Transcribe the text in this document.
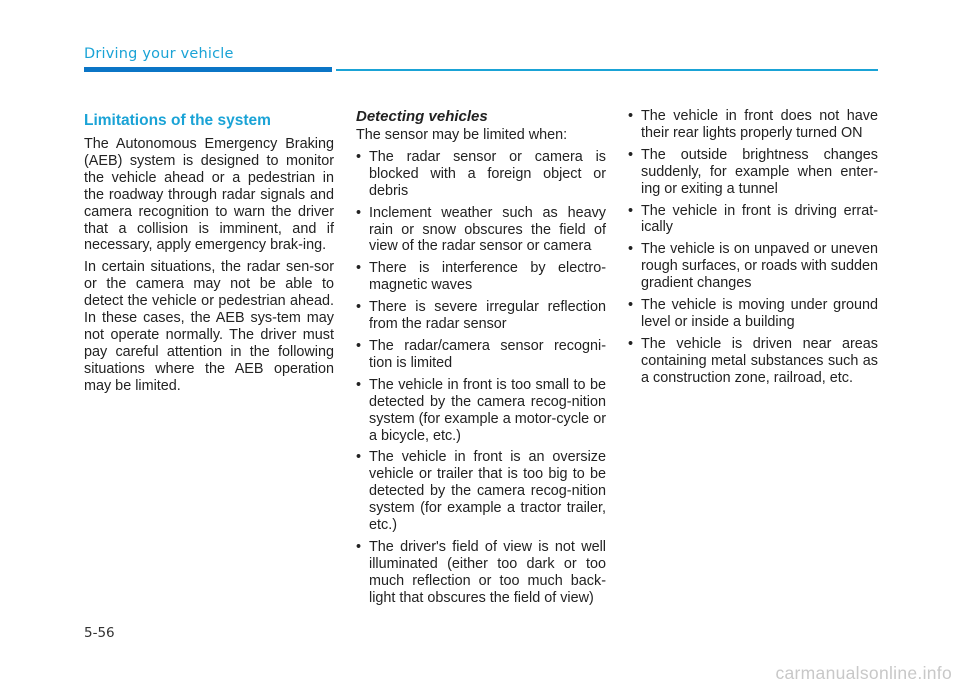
Driving your vehicle
Limitations of the system

The Autonomous Emergency Braking (AEB) system is designed to monitor the vehicle ahead or a pedestrian in the roadway through radar signals and camera recognition to warn the driver that a collision is imminent, and if necessary, apply emergency brak-ing.

In certain situations, the radar sen-sor or the camera may not be able to detect the vehicle or pedestrian ahead. In these cases, the AEB sys-tem may not operate normally. The driver must pay careful attention in the following situations where the AEB operation may be limited.

Detecting vehicles

The sensor may be limited when:

• The radar sensor or camera is blocked with a foreign object or debris
• Inclement weather such as heavy rain or snow obscures the field of view of the radar sensor or camera
• There is interference by electro-magnetic waves
• There is severe irregular reflection from the radar sensor
• The radar/camera sensor recogni-tion is limited
• The vehicle in front is too small to be detected by the camera recog-nition system (for example a motor-cycle or a bicycle, etc.)
• The vehicle in front is an oversize vehicle or trailer that is too big to be detected by the camera recog-nition system (for example a tractor trailer, etc.)
• The driver's field of view is not well illuminated (either too dark or too much reflection or too much back-light that obscures the field of view)
• The vehicle in front does not have their rear lights properly turned ON
• The outside brightness changes suddenly, for example when enter-ing or exiting a tunnel
• The vehicle in front is driving errat-ically
• The vehicle is on unpaved or uneven rough surfaces, or roads with sudden gradient changes
• The vehicle is moving under ground level or inside a building
• The vehicle is driven near areas containing metal substances such as a construction zone, railroad, etc.
5-56
carmanualsonline.info
